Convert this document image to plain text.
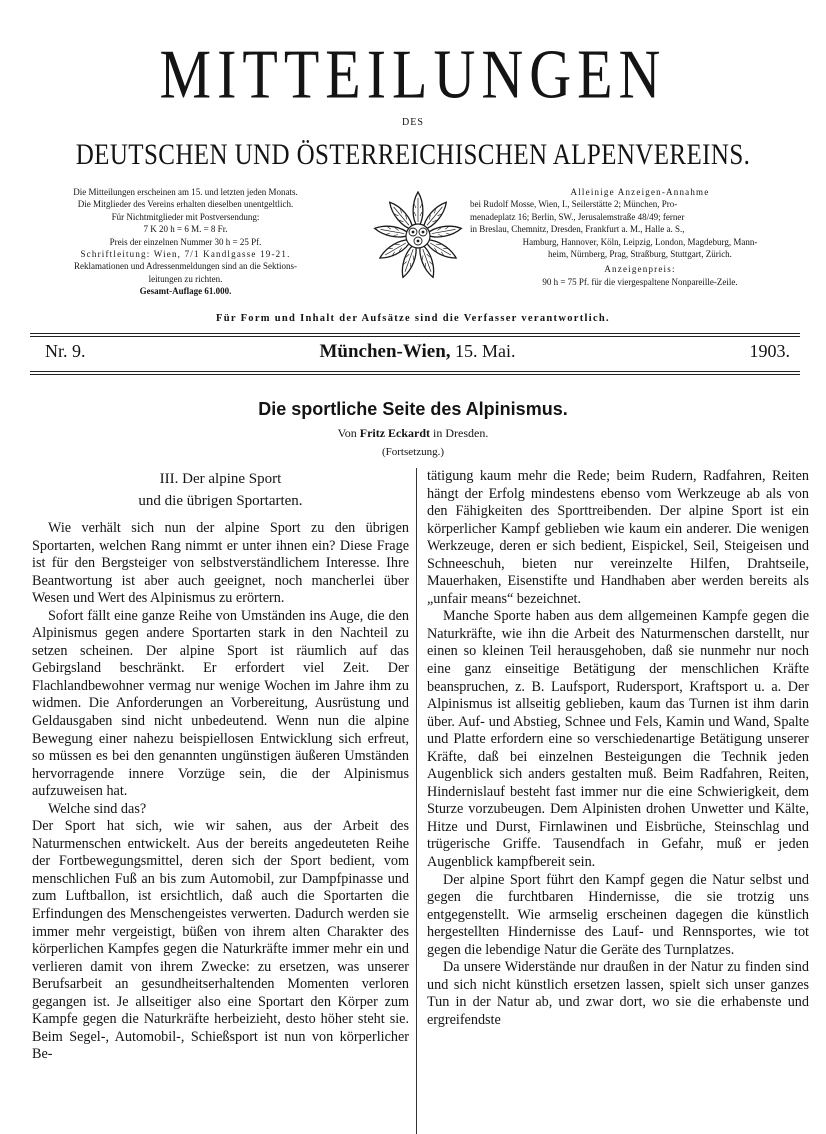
MITTEILUNGEN
DES
DEUTSCHEN UND ÖSTERREICHISCHEN ALPENVEREINS.
Die Mitteilungen erscheinen am 15. und letzten jeden Monats.
Die Mitglieder des Vereins erhalten dieselben unentgeltlich.
Für Nichtmitglieder mit Postversendung:
7 K 20 h = 6 M. = 8 Fr.
Preis der einzelnen Nummer 30 h = 25 Pf.
Schriftleitung: Wien, 7/1 Kandlgasse 19-21.
Reklamationen und Adressenmeldungen sind an die Sektions-
leitungen zu richten.
Gesamt-Auflage 61.000.
Alleinige Anzeigen-Annahme
bei Rudolf Mosse, Wien, I., Seilerstätte 2; München, Pro-
menadeplatz 16; Berlin, SW., Jerusalemstraße 48/49; ferner
in Breslau, Chemnitz, Dresden, Frankfurt a. M., Halle a. S.,
Hamburg, Hannover, Köln, Leipzig, London, Magdeburg, Mann-
heim, Nürnberg, Prag, Straßburg, Stuttgart, Zürich.
Anzeigenpreis:
90 h = 75 Pf. für die viergespaltene Nonpareille-Zeile.
Für Form und Inhalt der Aufsätze sind die Verfasser verantwortlich.
Nr. 9.	München-Wien, 15. Mai.	1903.
Die sportliche Seite des Alpinismus.
Von Fritz Eckardt in Dresden.
(Fortsetzung.)
III. Der alpine Sport
und die übrigen Sportarten.

Wie verhält sich nun der alpine Sport zu den übrigen Sportarten, welchen Rang nimmt er unter ihnen ein? Diese Frage ist für den Bergsteiger von selbstverständlichem Interesse. Ihre Beantwortung ist aber auch geeignet, noch mancherlei über Wesen und Wert des Alpinismus zu erörtern.

Sofort fällt eine ganze Reihe von Umständen ins Auge, die den Alpinismus gegen andere Sportarten stark in den Nachteil zu setzen scheinen. Der alpine Sport ist räumlich auf das Gebirgsland beschränkt. Er erfordert viel Zeit. Der Flachlandbewohner vermag nur wenige Wochen im Jahre ihm zu widmen. Die Anforderungen an Vorbereitung, Ausrüstung und Geldausgaben sind nicht unbedeutend. Wenn nun die alpine Bewegung einer nahezu beispiellosen Entwicklung sich erfreut, so müssen es bei den genannten ungünstigen äußeren Umständen hervorragende innere Vorzüge sein, die der Alpinismus aufzuweisen hat.

Welche sind das?

Der Sport hat sich, wie wir sahen, aus der Arbeit des Naturmenschen entwickelt. Aus der bereits angedeuteten Reihe der Fortbewegungsmittel, deren sich der Sport bedient, vom menschlichen Fuß an bis zum Automobil, zur Dampfpinasse und zum Luftballon, ist ersichtlich, daß auch die Sportarten die Erfindungen des Menschengeistes verwerten. Dadurch werden sie immer mehr vergeistigt, büßen von ihrem alten Charakter des körperlichen Kampfes gegen die Naturkräfte immer mehr ein und verlieren damit von ihrem Zwecke: zu ersetzen, was unserer Berufsarbeit an gesundheitserhaltenden Momenten verloren gegangen ist. Je allseitiger also eine Sportart den Körper zum Kampfe gegen die Naturkräfte herbeizieht, desto höher steht sie. Beim Segel-, Automobil-, Schießsport ist nun von körperlicher Be-

tätigung kaum mehr die Rede; beim Rudern, Radfahren, Reiten hängt der Erfolg mindestens ebenso vom Werkzeuge ab als von den Fähigkeiten des Sporttreibenden. Der alpine Sport ist ein körperlicher Kampf geblieben wie kaum ein anderer. Die wenigen Werkzeuge, deren er sich bedient, Eispickel, Seil, Steigeisen und Schneeschuh, bieten nur vereinzelte Hilfen, Drahtseile, Mauerhaken, Eisenstifte und Handhaben aber werden bereits als „unfair means“ bezeichnet.

Manche Sporte haben aus dem allgemeinen Kampfe gegen die Naturkräfte, wie ihn die Arbeit des Naturmenschen darstellt, nur einen so kleinen Teil herausgehoben, daß sie nunmehr nur noch eine ganz einseitige Betätigung der menschlichen Kräfte beanspruchen, z. B. Laufsport, Rudersport, Kraftsport u. a. Der Alpinismus ist allseitig geblieben, kaum das Turnen ist ihm darin über. Auf- und Abstieg, Schnee und Fels, Kamin und Wand, Spalte und Platte erfordern eine so verschiedenartige Betätigung unserer Kräfte, daß bei einzelnen Besteigungen die Technik jeden Augenblick sich anders gestalten muß. Beim Radfahren, Reiten, Hindernislauf besteht fast immer nur die eine Schwierigkeit, dem Sturze vorzubeugen. Dem Alpinisten drohen Unwetter und Kälte, Hitze und Durst, Firnlawinen und Eisbrüche, Steinschlag und trügerische Griffe. Tausendfach in Gefahr, muß er jeden Augenblick kampfbereit sein.

Der alpine Sport führt den Kampf gegen die Natur selbst und gegen die furchtbaren Hindernisse, die sie trotzig uns entgegenstellt. Wie armselig erscheinen dagegen die künstlich hergestellten Hindernisse des Lauf- und Rennsportes, wie tot gegen die lebendige Natur die Geräte des Turnplatzes.

Da unsere Widerstände nur draußen in der Natur zu finden sind und sich nicht künstlich ersetzen lassen, spielt sich unser ganzes Tun in der Natur ab, und zwar dort, wo sie die erhabenste und ergreifendste
